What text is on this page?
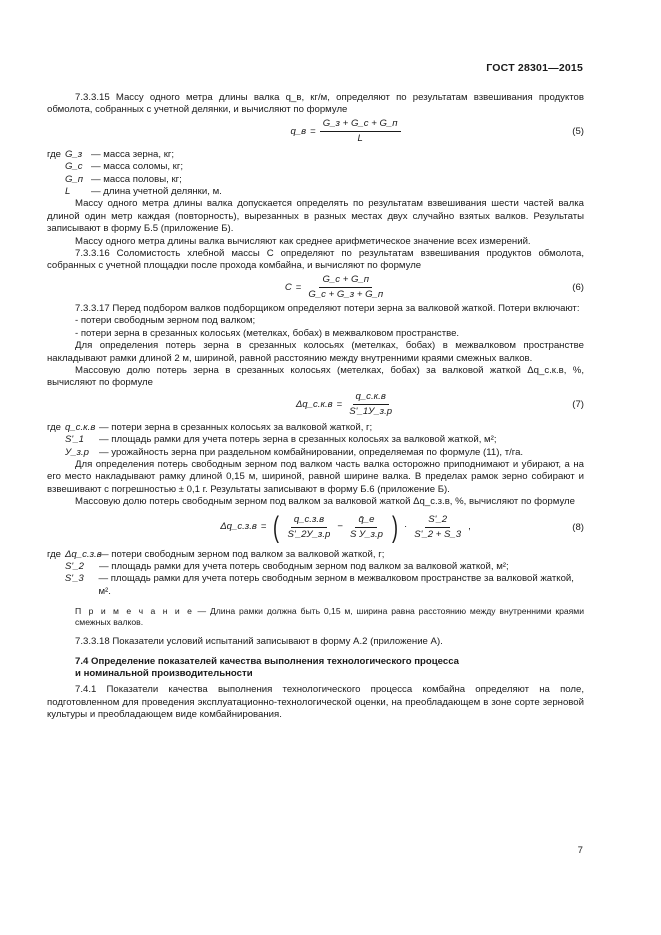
ГОСТ 28301—2015

7.3.3.15 Массу одного метра длины валка q_в, кг/м, определяют по результатам взвешивания продуктов обмолота, собранных с учетной делянки, и вычисляют по формуле

q_в = $\frac{G\_з + G\_с + G\_п}{L}$	(5)
где G_з — масса зерна, кг;
G_с — масса соломы, кг;
G_п — масса половы, кг;
L	— длина учетной делянки, м.

Массу одного метра длины валка допускается определять по результатам взвешивания шести частей валка длиной один метр каждая (повторность), вырезанных в разных местах двух случайно взятых валков. Результаты записывают в форму Б.5 (приложение Б).

Массу одного метра длины валка вычисляют как среднее арифметическое значение всех измерений.

7.3.3.16 Соломистость хлебной массы C определяют по результатам взвешивания продуктов обмолота, собранных с учетной площадки после прохода комбайна, и вычисляют по формуле

$C = \frac{G\_с + G\_п}{G\_с + G\_з + G\_п}$	(6)

7.3.3.17 Перед подбором валков подборщиком определяют потери зерна за валковой жаткой. Потери включают:

- потери свободным зерном под валком;

- потери зерна в срезанных колосьях (метелках, бобах) в межвалковом пространстве.

Для определения потерь зерна в срезанных колосьях (метелках, бобах) в межвалковом пространстве накладывают рамки длиной 2 м, шириной, равной расстоянию между внутренними краями смежных валков.

Массовую долю потерь зерна в срезанных колосьях (метелках, бобах) за валковой жаткой Δq_с.к.в, %, вычисляют по формуле

Δq_с.к.в = $\frac{q\_с.к.в}{S'\_1У\_з.р}$	(7)
где q_с.к.в — потери зерна в срезанных колосьях за валковой жаткой, г;
S'_1	— площадь рамки для учета потерь зерна в срезанных колосьях за валковой жаткой, м²;
У_з.р	— урожайность зерна при раздельном комбайнировании, определяемая по формуле (11), т/га.

Для определения потерь свободным зерном под валком часть валка осторожно приподнимают и убирают, а на его место накладывают рамку длиной 0,15 м, шириной, равной ширине валка. В пределах рамок зерно собирают и взвешивают с погрешностью ± 0,1 г. Результаты записывают в форму Б.6 (приложение Б).

Массовую долю потерь свободным зерном под валком за валковой жаткой Δq_с.з.в, %, вычисляют по формуле

Δq_с.з.в = ( $\frac{q\_с.з.в}{S'\_2У\_з.р} - \frac{q̄\_e}{\text{S У\_з.р}}$ ) · $\frac{S'\_2}{S'\_2 + S\_3}$ ,	(8)
где Δq_с.з.в
— потери свободным зерном под валком за валковой жаткой, г;
S'_2	— площадь рамки для учета потерь свободным зерном под валком за валковой жаткой, м²;
S'_3	— площадь рамки для учета потерь свободным зерном в межвалковом пространстве за валковой жаткой, м².

П р и м е ч а н и е — Длина рамки должна быть 0,15 м, ширина равна расстоянию между внутренними краями смежных валков.

7.3.3.18 Показатели условий испытаний записывают в форму А.2 (приложение А).

7.4 Определение показателей качества выполнения технологического процесса
и номинальной производительности

7.4.1 Показатели качества выполнения технологического процесса комбайна определяют на поле, подготовленном для проведения эксплуатационно-технологической оценки, на преобладающем в зоне сорте зерновой культуры и преобладающем виде комбайнирования.

7
